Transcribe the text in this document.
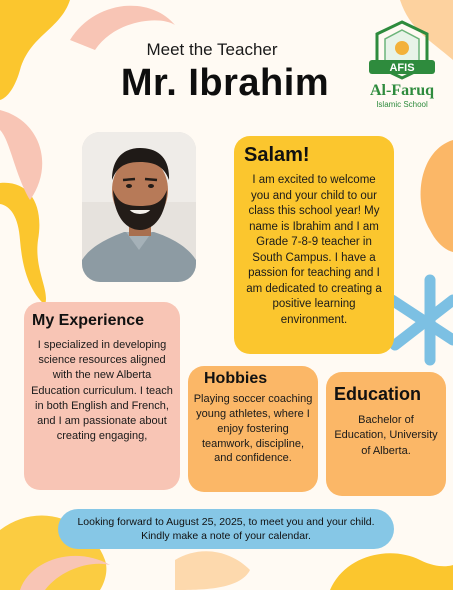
Meet the Teacher
Mr. Ibrahim	AFIS
Al-Faruq
Islamic School
Salam!

I am excited to welcome you and your child to our class this school year! My name is Ibrahim and I am Grade 7-8-9 teacher in South Campus. I have a passion for teaching and I am dedicated to creating a positive learning environment.

My Experience

I specialized in developing science resources aligned with the new Alberta Education curriculum. I teach in both English and French, and I am passionate about creating engaging,

Hobbies

Playing soccer coaching young athletes, where I enjoy fostering teamwork, discipline, and confidence.

Education

Bachelor of Education, University of Alberta.

Looking forward to August 25, 2025, to meet you and your child. Kindly make a note of your calendar.
